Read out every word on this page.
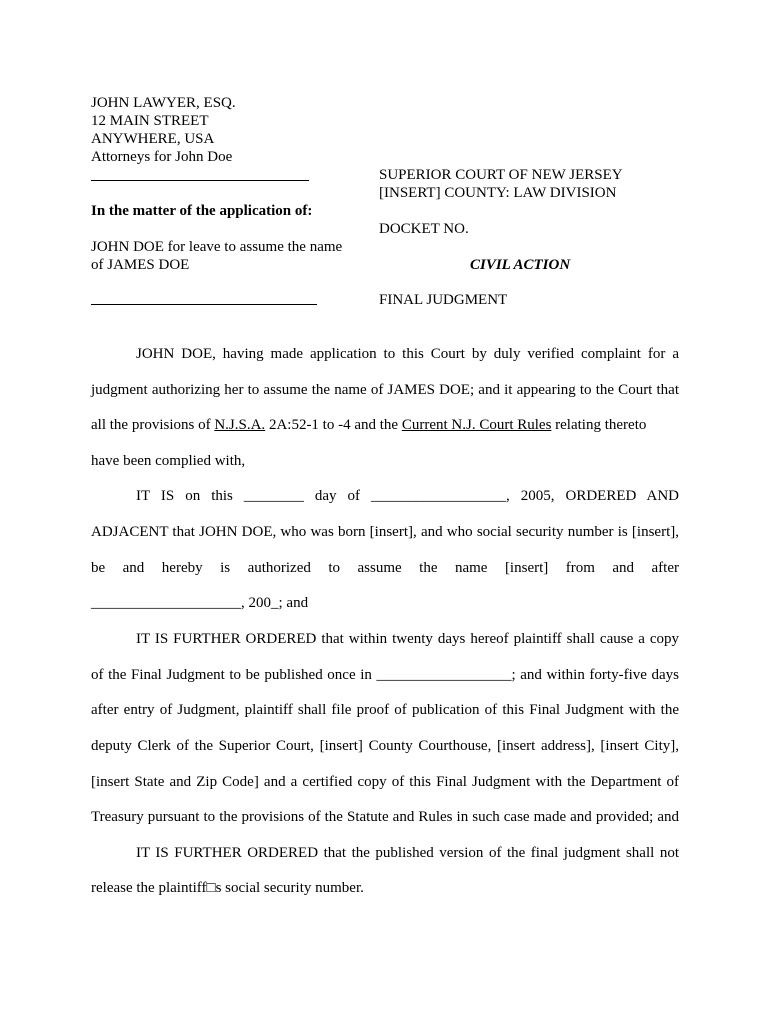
JOHN LAWYER, ESQ.
12 MAIN STREET
ANYWHERE, USA
Attorneys for John Doe
In the matter of the application of:
JOHN DOE for leave to assume the name
of JAMES DOE
SUPERIOR COURT OF NEW JERSEY
[INSERT] COUNTY: LAW DIVISION
DOCKET NO.
CIVIL ACTION
FINAL JUDGMENT
JOHN DOE, having made application to this Court by duly verified complaint for a
judgment authorizing her to assume the name of JAMES DOE; and it appearing to the Court that
all the provisions of N.J.S.A. 2A:52-1 to -4 and the Current N.J. Court Rules relating thereto
have been complied with,
IT IS on this ________ day of __________________, 2005, ORDERED AND
ADJACENT that JOHN DOE, who was born [insert], and who social security number is [insert],
be and hereby is authorized to assume the name [insert] from and after
____________________, 200_; and
IT IS FURTHER ORDERED that within twenty days hereof plaintiff shall cause a copy
of the Final Judgment to be published once in __________________; and within forty-five days
after entry of Judgment, plaintiff shall file proof of publication of this Final Judgment with the
deputy Clerk of the Superior Court, [insert] County Courthouse, [insert address], [insert City],
[insert State and Zip Code] and a certified copy of this Final Judgment with the Department of
Treasury pursuant to the provisions of the Statute and Rules in such case made and provided; and
IT IS FURTHER ORDERED that the published version of the final judgment shall not
release the plaintiff□s social security number.
